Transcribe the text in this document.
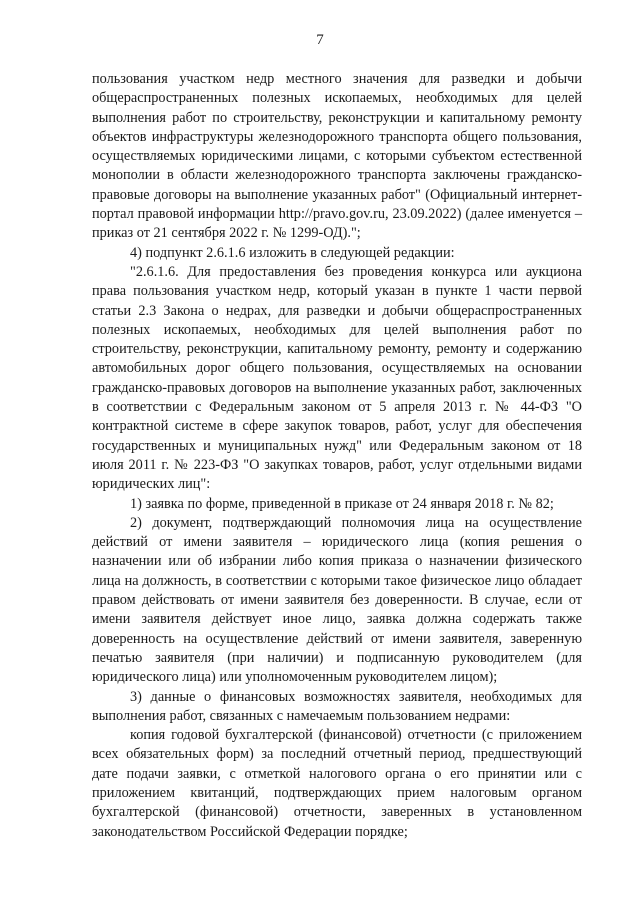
7

пользования участком недр местного значения для разведки и добычи общераспространенных полезных ископаемых, необходимых для целей выполнения работ по строительству, реконструкции и капитальному ремонту объектов инфраструктуры железнодорожного транспорта общего пользования, осуществляемых юридическими лицами, с которыми субъектом естественной монополии в области железнодорожного транспорта заключены гражданско-правовые договоры на выполнение указанных работ" (Официальный интернет-портал правовой информации http://pravo.gov.ru, 23.09.2022) (далее именуется – приказ от 21 сентября 2022 г. № 1299-ОД).";

4) подпункт 2.6.1.6 изложить в следующей редакции:

"2.6.1.6. Для предоставления без проведения конкурса или аукциона права пользования участком недр, который указан в пункте 1 части первой статьи 2.3 Закона о недрах, для разведки и добычи общераспространенных полезных ископаемых, необходимых для целей выполнения работ по строительству, реконструкции, капитальному ремонту, ремонту и содержанию автомобильных дорог общего пользования, осуществляемых на основании гражданско-правовых договоров на выполнение указанных работ, заключенных в соответствии с Федеральным законом от 5 апреля 2013 г. № 44-ФЗ "О контрактной системе в сфере закупок товаров, работ, услуг для обеспечения государственных и муниципальных нужд" или Федеральным законом от 18 июля 2011 г. № 223-ФЗ "О закупках товаров, работ, услуг отдельными видами юридических лиц":

1) заявка по форме, приведенной в приказе от 24 января 2018 г. № 82;

2) документ, подтверждающий полномочия лица на осуществление действий от имени заявителя – юридического лица (копия решения о назначении или об избрании либо копия приказа о назначении физического лица на должность, в соответствии с которыми такое физическое лицо обладает правом действовать от имени заявителя без доверенности. В случае, если от имени заявителя действует иное лицо, заявка должна содержать также доверенность на осуществление действий от имени заявителя, заверенную печатью заявителя (при наличии) и подписанную руководителем (для юридического лица) или уполномоченным руководителем лицом);

3) данные о финансовых возможностях заявителя, необходимых для выполнения работ, связанных с намечаемым пользованием недрами:

копия годовой бухгалтерской (финансовой) отчетности (с приложением всех обязательных форм) за последний отчетный период, предшествующий дате подачи заявки, с отметкой налогового органа о его принятии или с приложением квитанций, подтверждающих прием налоговым органом бухгалтерской (финансовой) отчетности, заверенных в установленном законодательством Российской Федерации порядке;
